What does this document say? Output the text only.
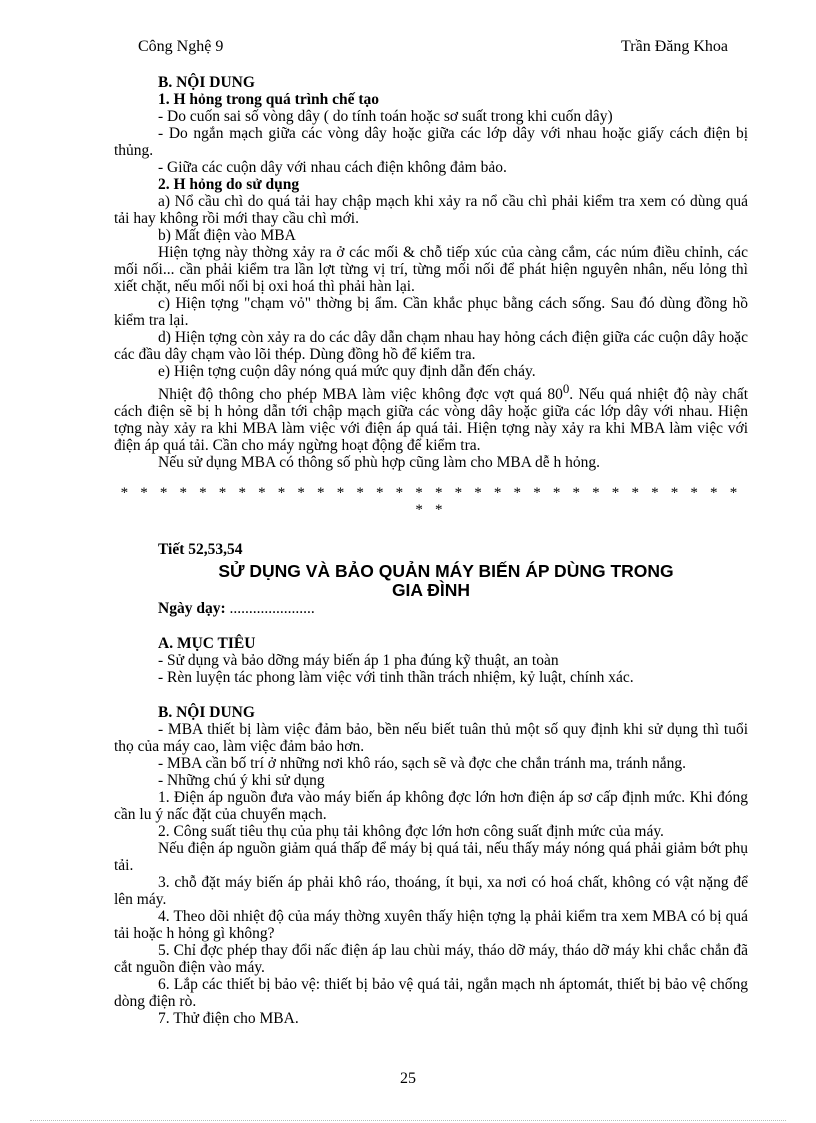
Công Nghệ 9	Trần Đăng Khoa

B. NỘI DUNG

1. H hỏng trong quá trình chế tạo

- Do cuốn sai số vòng dây ( do tính toán hoặc sơ suất trong khi cuốn dây)

- Do ngắn mạch giữa các vòng dây hoặc giữa các lớp dây với nhau hoặc giấy cách điện bị thủng.

- Giữa các cuộn dây với nhau cách điện không đảm bảo.

2. H hỏng do sử dụng

a) Nổ cầu chì do quá tải hay chập mạch khi xảy ra nổ cầu chì phải kiểm tra xem có dùng quá tải hay không rồi mới thay cầu chì mới.

b) Mất điện vào MBA

Hiện tợng này thờng xảy ra ở các mối & chỗ tiếp xúc của càng cắm, các núm điều chỉnh, các mối nối... cần phải kiểm tra lần lợt từng vị trí, từng mối nối để phát hiện nguyên nhân, nếu lỏng thì xiết chặt, nếu mối nối bị oxi hoá thì phải hàn lại.

c) Hiện tợng "chạm vỏ" thờng bị ẩm. Cần khắc phục bằng cách sống. Sau đó dùng đồng hồ kiểm tra lại.

d) Hiện tợng còn xảy ra do các dây dẫn chạm nhau hay hỏng cách điện giữa các cuộn dây hoặc các đầu dây chạm vào lõi thép. Dùng đồng hồ để kiểm tra.

e) Hiện tợng cuộn dây nóng quá mức quy định dẫn đến cháy.

Nhiệt độ thông cho phép MBA làm việc không đợc vợt quá $80^0$. Nếu quá nhiệt độ này chất cách điện sẽ bị h hỏng dẫn tới chập mạch giữa các vòng dây hoặc giữa các lớp dây với nhau. Hiện tợng này xảy ra khi MBA làm việc với điện áp quá tải. Hiện tợng này xảy ra khi MBA làm việc với điện áp quá tải. Cần cho máy ngừng hoạt động để kiểm tra.

Nếu sử dụng MBA có thông số phù hợp cũng làm cho MBA dễ h hỏng.

* * * * * * * * * * * * * * * * * * * * * * * * * * * * * * * * * *

Tiết 52,53,54

SỬ DỤNG VÀ BẢO QUẢN MÁY BIẾN ÁP DÙNG TRONG
GIA ĐÌNH

Ngày dạy: ......................

A. MỤC TIÊU

- Sử dụng và bảo dỡng máy biến áp 1 pha đúng kỹ thuật, an toàn

- Rèn luyện tác phong làm việc với tinh thần trách nhiệm, kỷ luật, chính xác.

B. NỘI DUNG

- MBA thiết bị làm việc đảm bảo, bền nếu biết tuân thủ một số quy định khi sử dụng thì tuổi thọ của máy cao, làm việc đảm bảo hơn.

- MBA cần bố trí ở những nơi khô ráo, sạch sẽ và đợc che chắn tránh ma, tránh nắng.

- Những chú ý khi sử dụng

1. Điện áp nguồn đưa vào máy biến áp không đợc lớn hơn điện áp sơ cấp định mức. Khi đóng cần lu ý nấc đặt của chuyển mạch.

2. Công suất tiêu thụ của phụ tải không đợc lớn hơn công suất định mức của máy.

Nếu điện áp nguồn giảm quá thấp để máy bị quá tải, nếu thấy máy nóng quá phải giảm bớt phụ tải.

3. chỗ đặt máy biến áp phải khô ráo, thoáng, ít bụi, xa nơi có hoá chất, không có vật nặng để lên máy.

4. Theo dõi nhiệt độ của máy thờng xuyên thấy hiện tợng lạ phải kiểm tra xem MBA có bị quá tải hoặc h hỏng gì không?

5. Chỉ đợc phép thay đổi nấc điện áp lau chùi máy, tháo dỡ máy, tháo dỡ máy khi chắc chắn đã cắt nguồn điện vào máy.

6. Lắp các thiết bị bảo vệ: thiết bị bảo vệ quá tải, ngắn mạch nh áptomát, thiết bị bảo vệ chống dòng điện rò.

7. Thử điện cho MBA.

25
